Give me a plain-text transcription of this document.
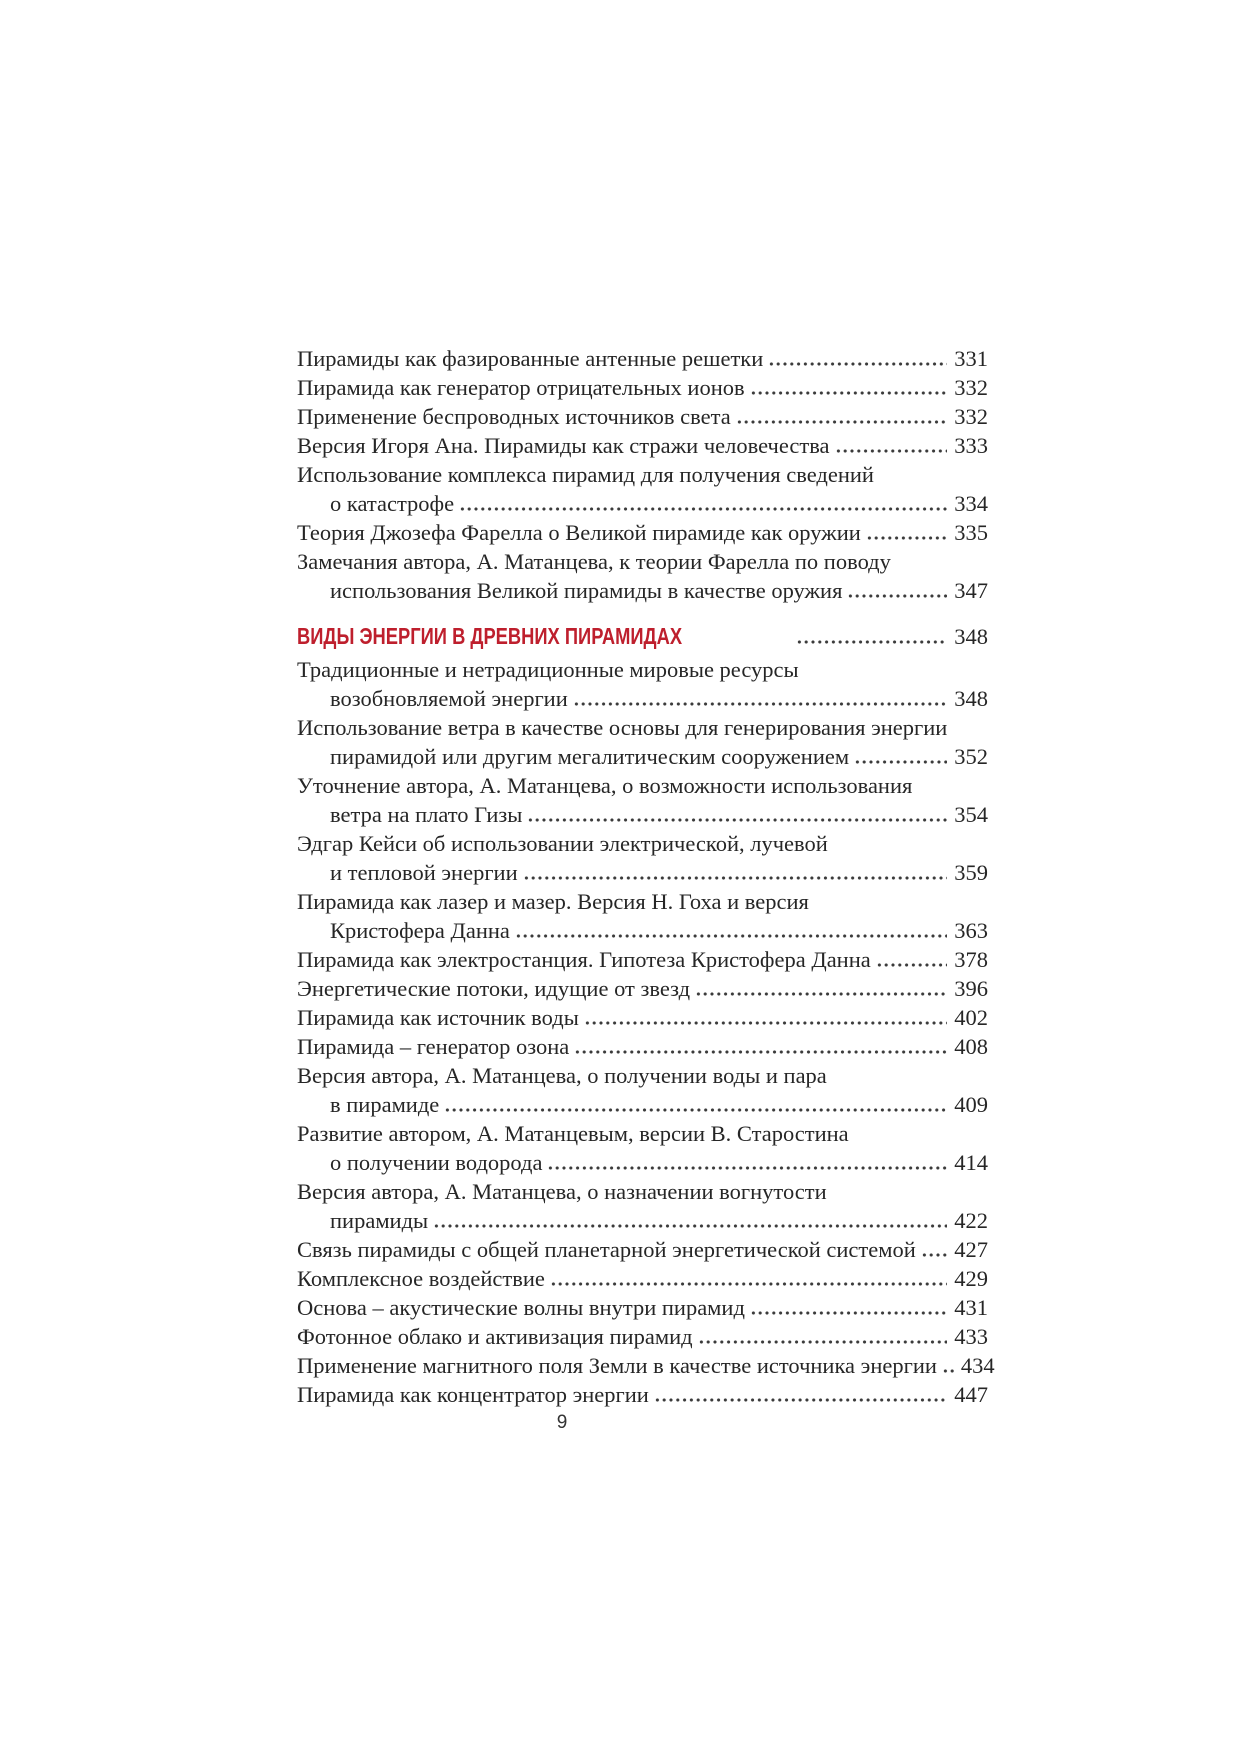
Пирамиды как фазированные антенные решетки	331
Пирамида как генератор отрицательных ионов	332
Применение беспроводных источников света	332
Версия Игоря Ана. Пирамиды как стражи человечества	333
Использование комплекса пирамид для получения сведений
о катастрофе	334
Теория Джозефа Фарелла о Великой пирамиде как оружии	335
Замечания автора, А. Матанцева, к теории Фарелла по поводу
использования Великой пирамиды в качестве оружия	347
ВИДЫ ЭНЕРГИИ В ДРЕВНИХ ПИРАМИДАХ	348
Традиционные и нетрадиционные мировые ресурсы
возобновляемой энергии	348
Использование ветра в качестве основы для генерирования энергии
пирамидой или другим мегалитическим сооружением	352
Уточнение автора, А. Матанцева, о возможности использования
ветра на плато Гизы	354
Эдгар Кейси об использовании электрической, лучевой
и тепловой энергии	359
Пирамида как лазер и мазер. Версия Н. Гоха и версия
Кристофера Данна	363
Пирамида как электростанция. Гипотеза Кристофера Данна	378
Энергетические потоки, идущие от звезд	396
Пирамида как источник воды	402
Пирамида – генератор озона	408
Версия автора, А. Матанцева, о получении воды и пара
в пирамиде	409
Развитие автором, А. Матанцевым, версии В. Старостина
о получении водорода	414
Версия автора, А. Матанцева, о назначении вогнутости
пирамиды	422
Связь пирамиды с общей планетарной энергетической системой 427
Комплексное воздействие	429
Основа – акустические волны внутри пирамид	431
Фотонное облако и активизация пирамид	433
Применение магнитного поля Земли в качестве источника энергии 434
Пирамида как концентратор энергии	447
9
